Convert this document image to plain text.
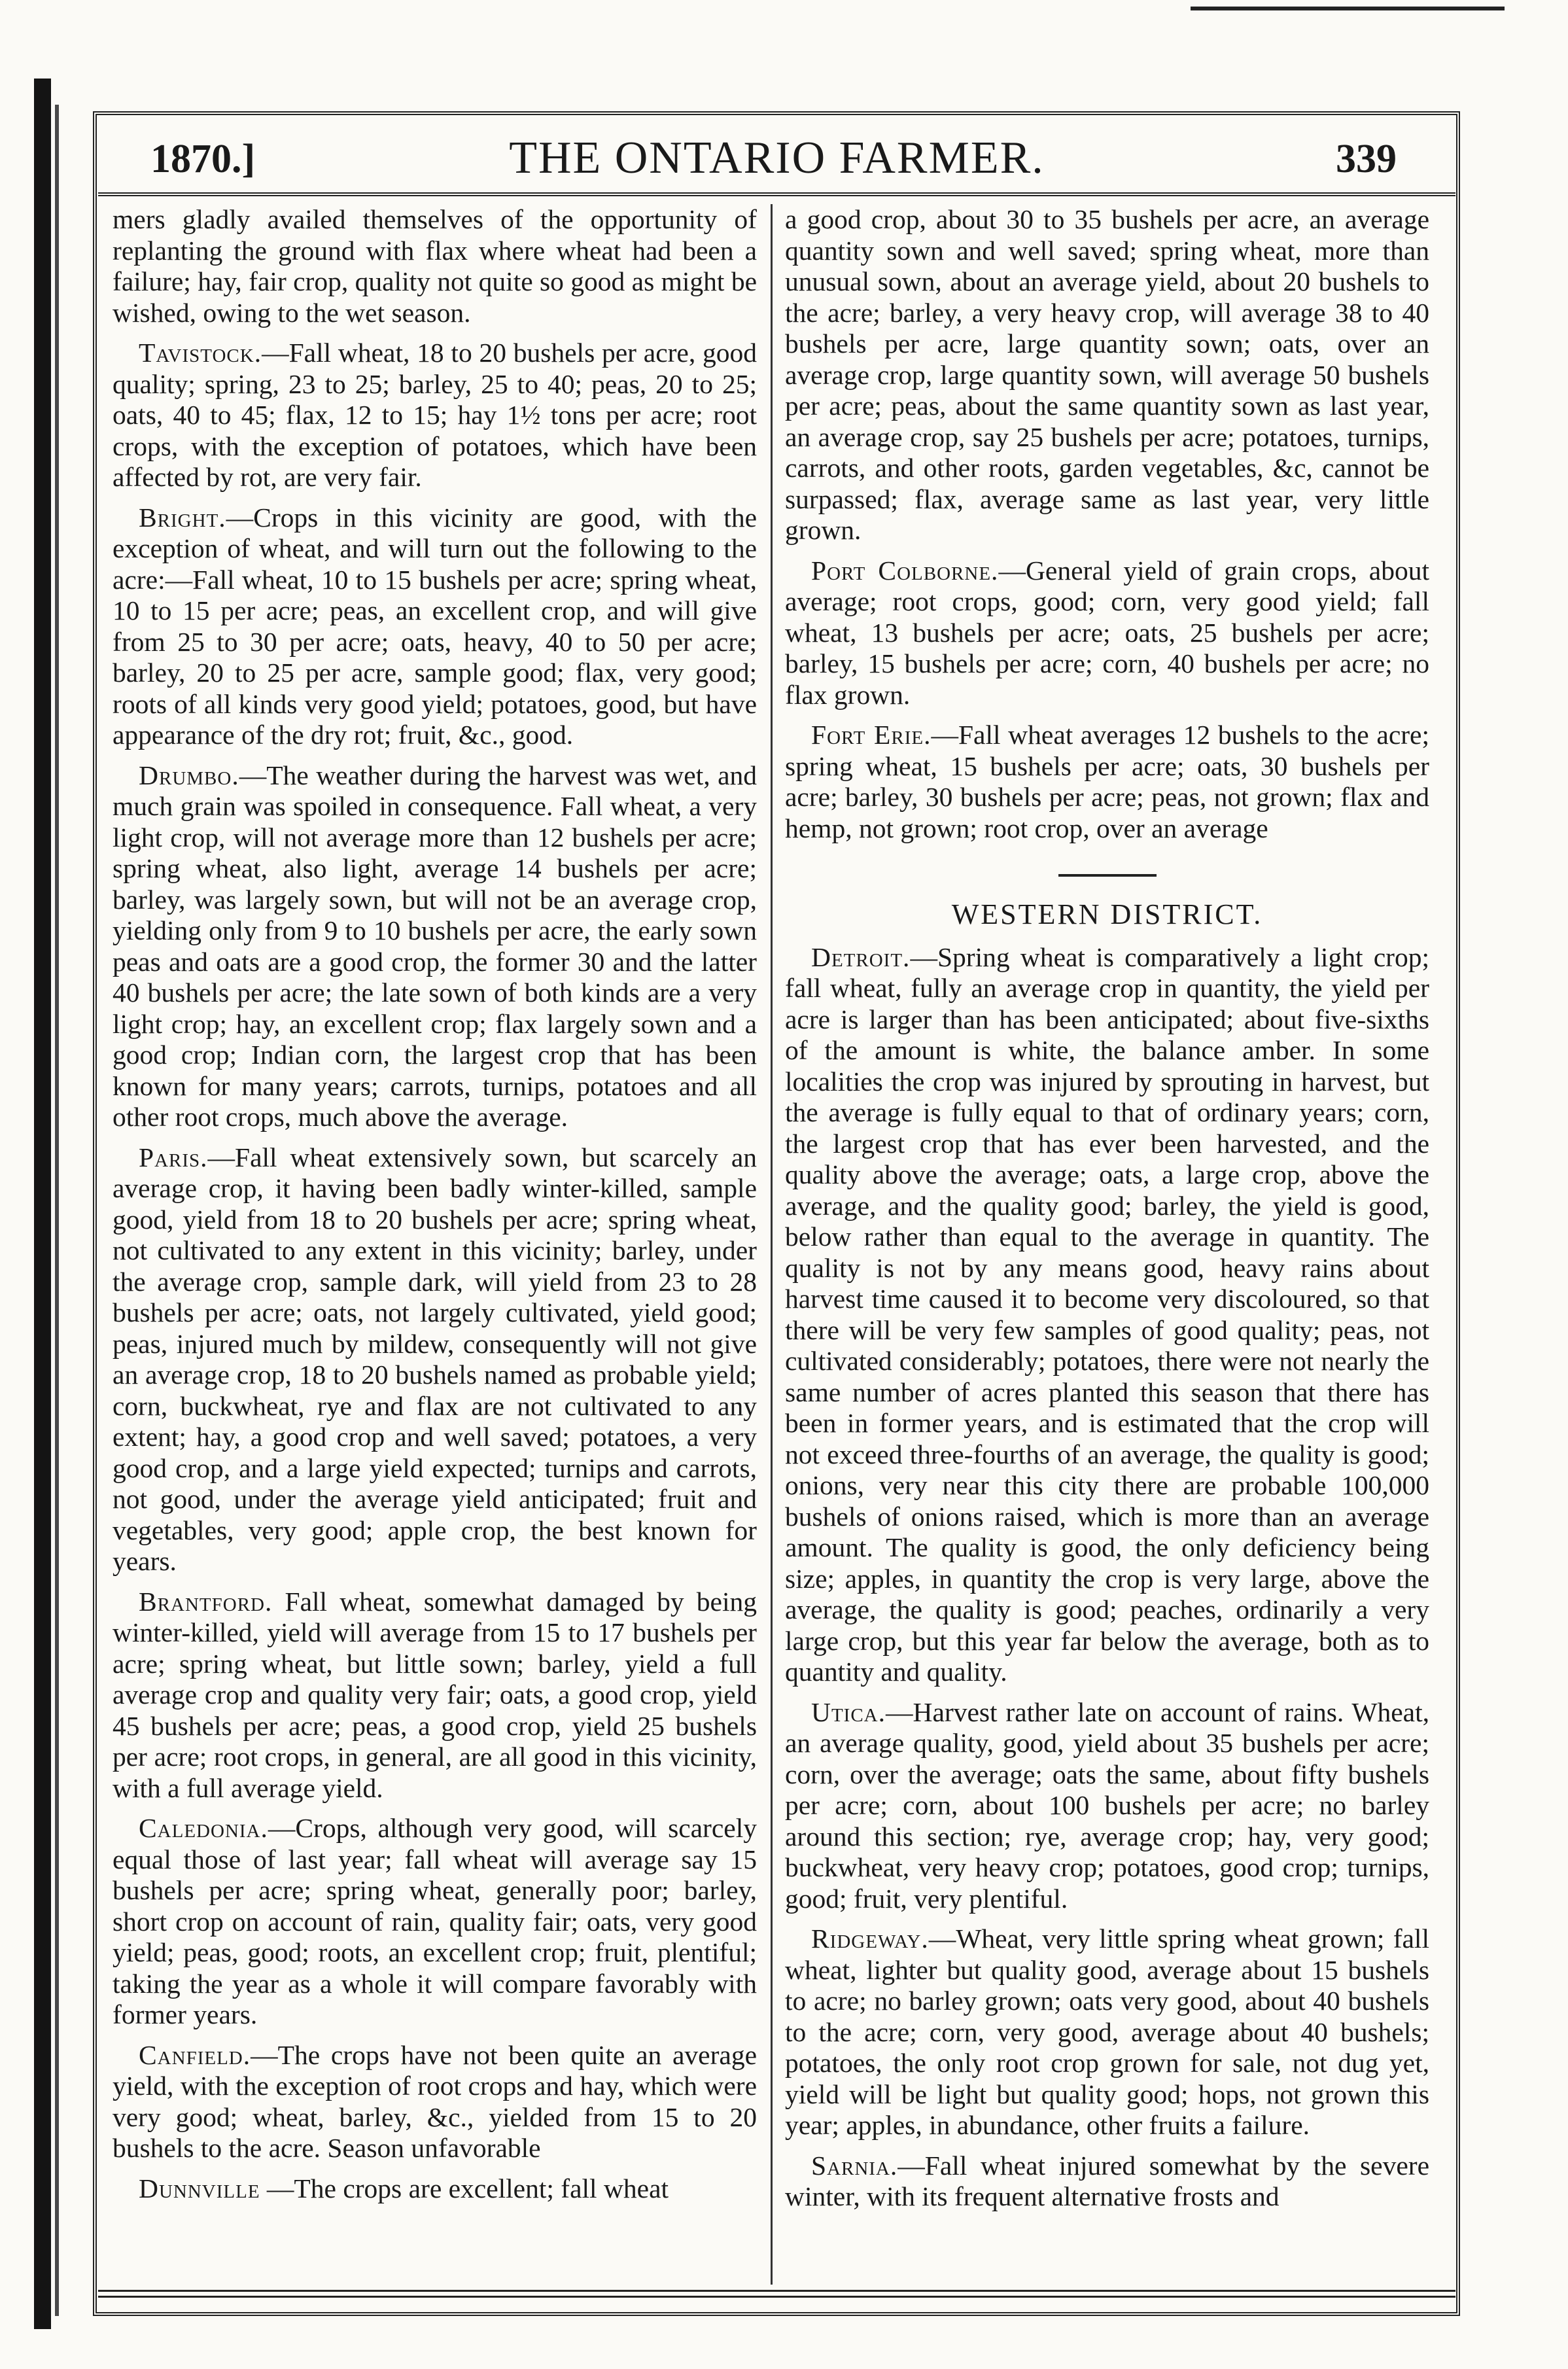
1870.]	THE ONTARIO FARMER.	339

mers gladly availed themselves of the opportunity of replanting the ground with flax where wheat had been a failure; hay, fair crop, quality not quite so good as might be wished, owing to the wet season.

Tavistock.—Fall wheat, 18 to 20 bushels per acre, good quality; spring, 23 to 25; barley, 25 to 40; peas, 20 to 25; oats, 40 to 45; flax, 12 to 15; hay 1½ tons per acre; root crops, with the exception of potatoes, which have been affected by rot, are very fair.

Bright.—Crops in this vicinity are good, with the exception of wheat, and will turn out the following to the acre:—Fall wheat, 10 to 15 bushels per acre; spring wheat, 10 to 15 per acre; peas, an excellent crop, and will give from 25 to 30 per acre; oats, heavy, 40 to 50 per acre; barley, 20 to 25 per acre, sample good; flax, very good; roots of all kinds very good yield; potatoes, good, but have appearance of the dry rot; fruit, &c., good.

Drumbo.—The weather during the harvest was wet, and much grain was spoiled in consequence. Fall wheat, a very light crop, will not average more than 12 bushels per acre; spring wheat, also light, average 14 bushels per acre; barley, was largely sown, but will not be an average crop, yielding only from 9 to 10 bushels per acre, the early sown peas and oats are a good crop, the former 30 and the latter 40 bushels per acre; the late sown of both kinds are a very light crop; hay, an excellent crop; flax largely sown and a good crop; Indian corn, the largest crop that has been known for many years; carrots, turnips, potatoes and all other root crops, much above the average.

Paris.—Fall wheat extensively sown, but scarcely an average crop, it having been badly winter-killed, sample good, yield from 18 to 20 bushels per acre; spring wheat, not cultivated to any extent in this vicinity; barley, under the average crop, sample dark, will yield from 23 to 28 bushels per acre; oats, not largely cultivated, yield good; peas, injured much by mildew, consequently will not give an average crop, 18 to 20 bushels named as probable yield; corn, buckwheat, rye and flax are not cultivated to any extent; hay, a good crop and well saved; potatoes, a very good crop, and a large yield expected; turnips and carrots, not good, under the average yield anticipated; fruit and vegetables, very good; apple crop, the best known for years.

Brantford. Fall wheat, somewhat damaged by being winter-killed, yield will average from 15 to 17 bushels per acre; spring wheat, but little sown; barley, yield a full average crop and quality very fair; oats, a good crop, yield 45 bushels per acre; peas, a good crop, yield 25 bushels per acre; root crops, in general, are all good in this vicinity, with a full average yield.

Caledonia.—Crops, although very good, will scarcely equal those of last year; fall wheat will average say 15 bushels per acre; spring wheat, generally poor; barley, short crop on account of rain, quality fair; oats, very good yield; peas, good; roots, an excellent crop; fruit, plentiful; taking the year as a whole it will compare favorably with former years.

Canfield.—The crops have not been quite an average yield, with the exception of root crops and hay, which were very good; wheat, barley, &c., yielded from 15 to 20 bushels to the acre. Season unfavorable

Dunnville —The crops are excellent; fall wheat

a good crop, about 30 to 35 bushels per acre, an average quantity sown and well saved; spring wheat, more than unusual sown, about an average yield, about 20 bushels to the acre; barley, a very heavy crop, will average 38 to 40 bushels per acre, large quantity sown; oats, over an average crop, large quantity sown, will average 50 bushels per acre; peas, about the same quantity sown as last year, an average crop, say 25 bushels per acre; potatoes, turnips, carrots, and other roots, garden vegetables, &c, cannot be surpassed; flax, average same as last year, very little grown.

Port Colborne.—General yield of grain crops, about average; root crops, good; corn, very good yield; fall wheat, 13 bushels per acre; oats, 25 bushels per acre; barley, 15 bushels per acre; corn, 40 bushels per acre; no flax grown.

Fort Erie.—Fall wheat averages 12 bushels to the acre; spring wheat, 15 bushels per acre; oats, 30 bushels per acre; barley, 30 bushels per acre; peas, not grown; flax and hemp, not grown; root crop, over an average

WESTERN DISTRICT.

Detroit.—Spring wheat is comparatively a light crop; fall wheat, fully an average crop in quantity, the yield per acre is larger than has been anticipated; about five-sixths of the amount is white, the balance amber. In some localities the crop was injured by sprouting in harvest, but the average is fully equal to that of ordinary years; corn, the largest crop that has ever been harvested, and the quality above the average; oats, a large crop, above the average, and the quality good; barley, the yield is good, below rather than equal to the average in quantity. The quality is not by any means good, heavy rains about harvest time caused it to become very discoloured, so that there will be very few samples of good quality; peas, not cultivated considerably; potatoes, there were not nearly the same number of acres planted this season that there has been in former years, and is estimated that the crop will not exceed three-fourths of an average, the quality is good; onions, very near this city there are probable 100,000 bushels of onions raised, which is more than an average amount. The quality is good, the only deficiency being size; apples, in quantity the crop is very large, above the average, the quality is good; peaches, ordinarily a very large crop, but this year far below the average, both as to quantity and quality.

Utica.—Harvest rather late on account of rains. Wheat, an average quality, good, yield about 35 bushels per acre; corn, over the average; oats the same, about fifty bushels per acre; corn, about 100 bushels per acre; no barley around this section; rye, average crop; hay, very good; buckwheat, very heavy crop; potatoes, good crop; turnips, good; fruit, very plentiful.

Ridgeway.—Wheat, very little spring wheat grown; fall wheat, lighter but quality good, average about 15 bushels to acre; no barley grown; oats very good, about 40 bushels to the acre; corn, very good, average about 40 bushels; potatoes, the only root crop grown for sale, not dug yet, yield will be light but quality good; hops, not grown this year; apples, in abundance, other fruits a failure.

Sarnia.—Fall wheat injured somewhat by the severe winter, with its frequent alternative frosts and
